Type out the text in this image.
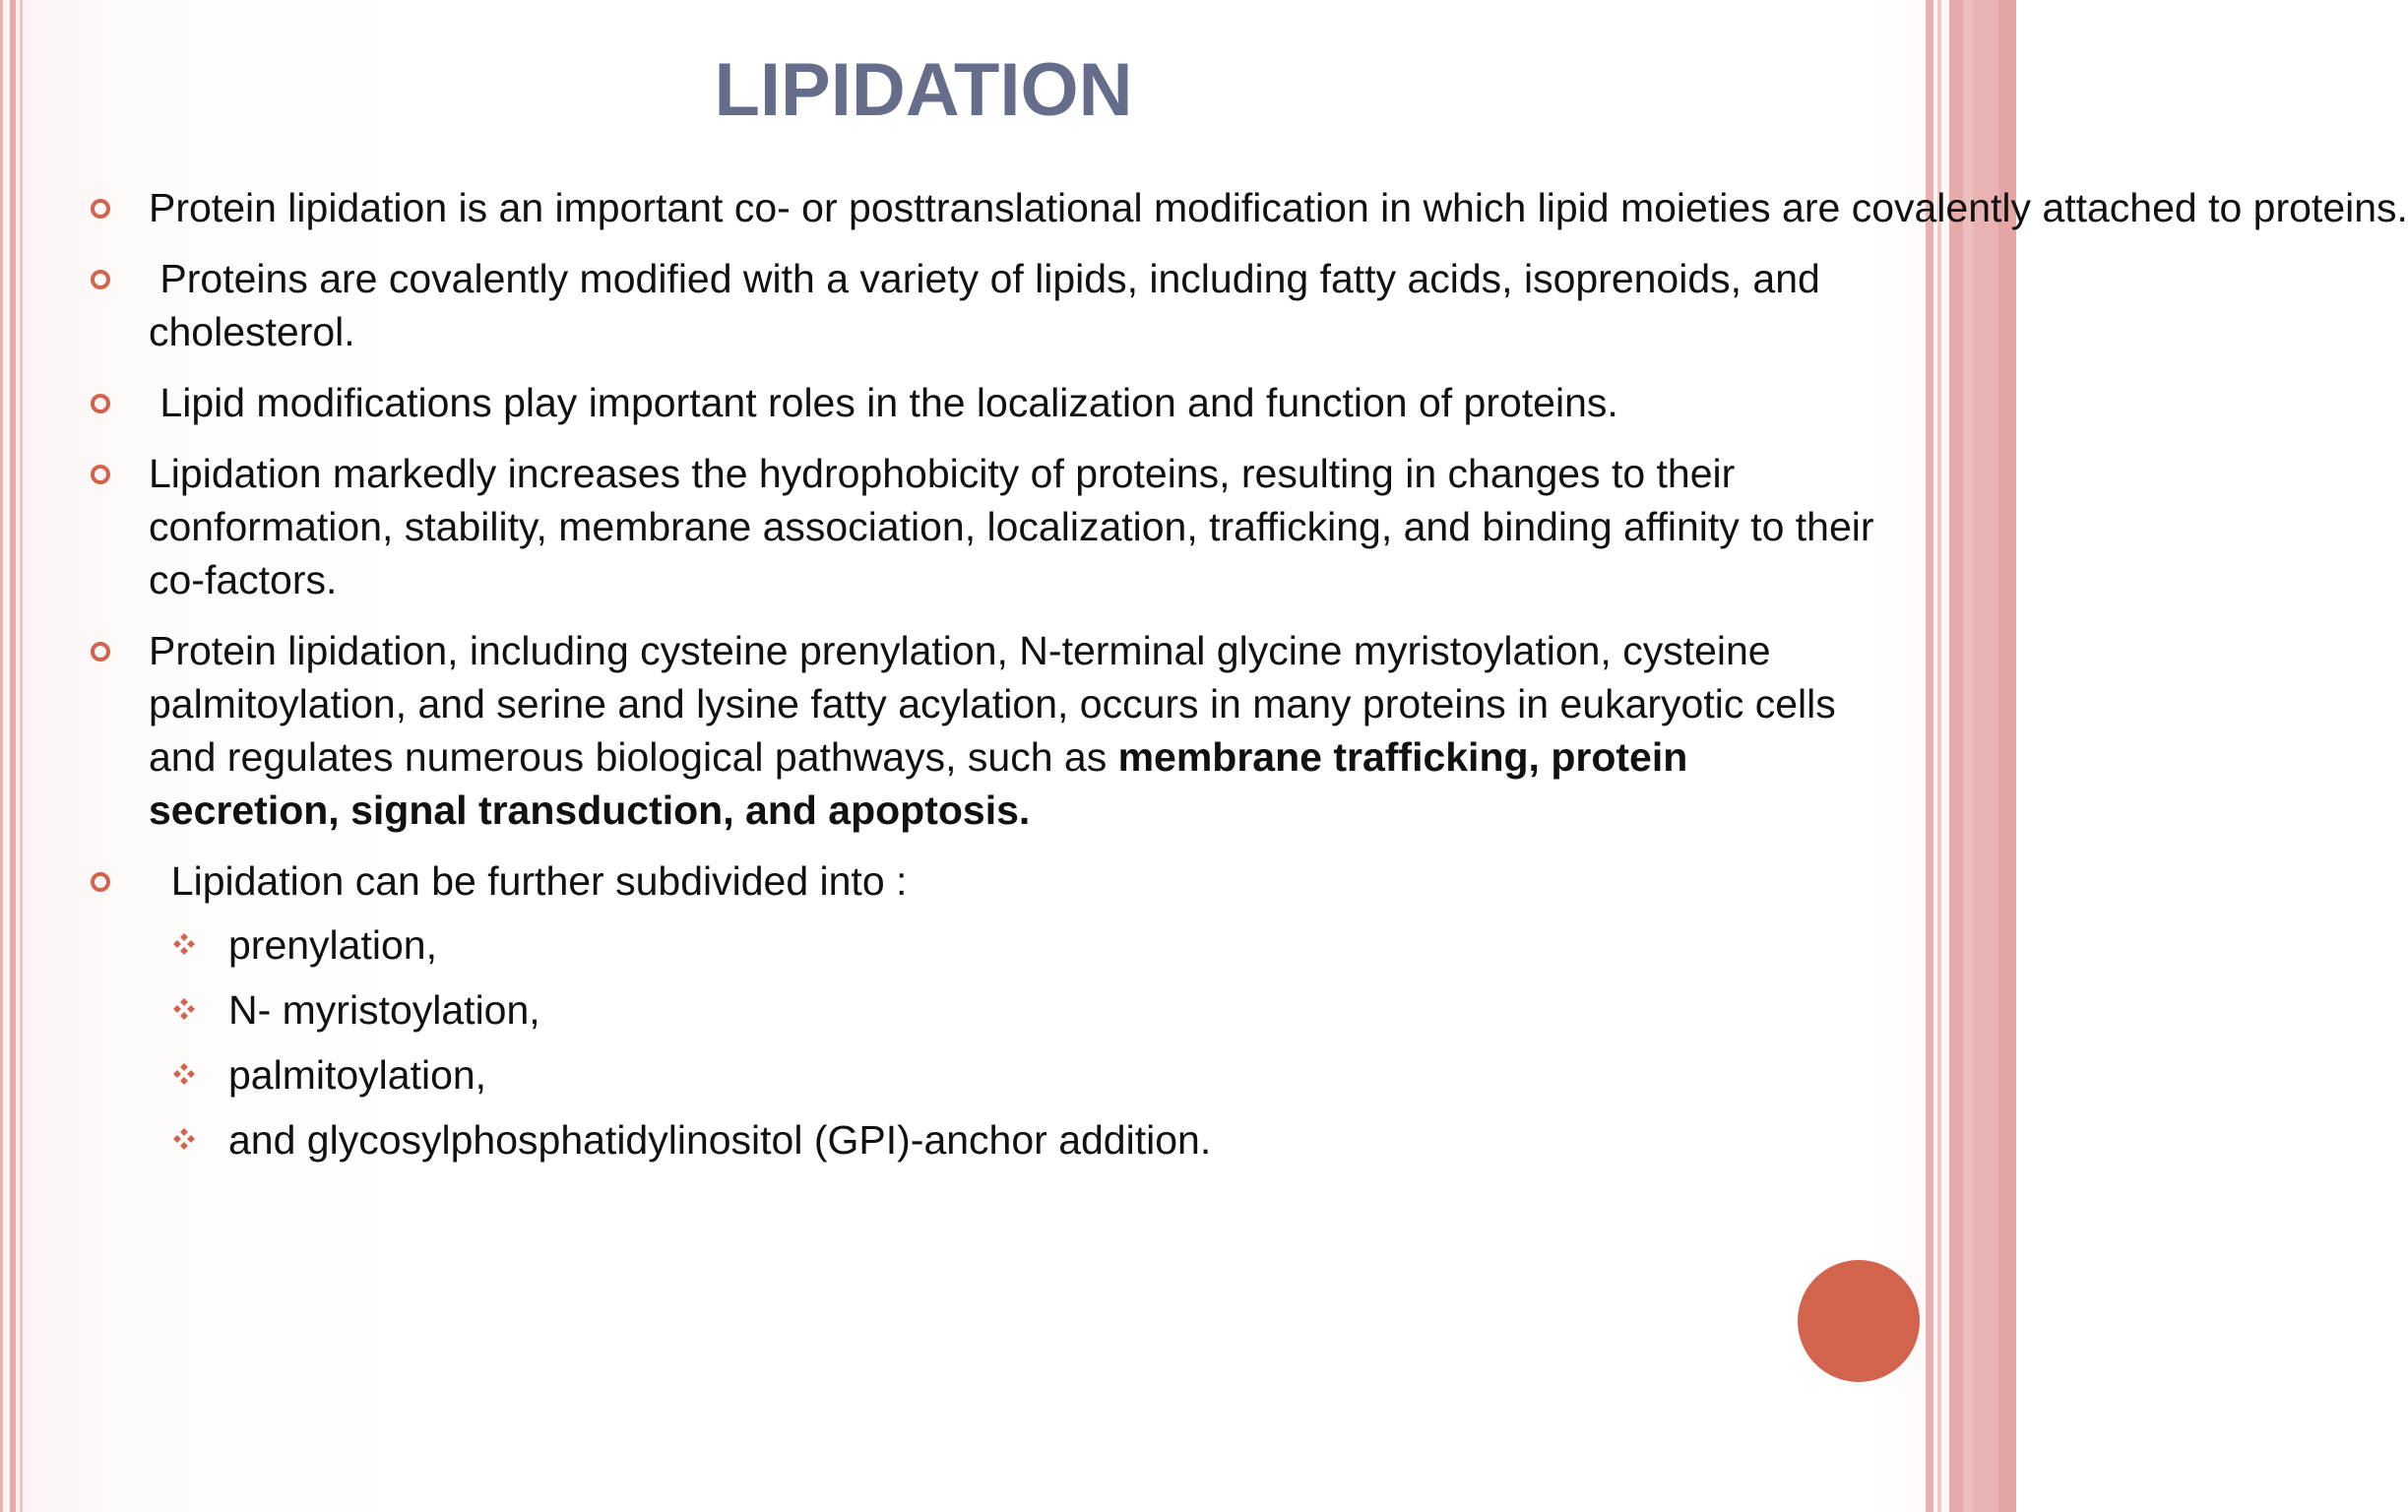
LIPIDATION
Protein lipidation is an important co- or posttranslational modification in which lipid moieties are covalently attached to proteins.
Proteins are covalently modified with a variety of lipids, including fatty acids, isoprenoids, and cholesterol.
Lipid modifications play important roles in the localization and function of proteins.
Lipidation markedly increases the hydrophobicity of proteins, resulting in changes to their conformation, stability, membrane association, localization, trafficking, and binding affinity to their co-factors.
Protein lipidation, including cysteine prenylation, N-terminal glycine myristoylation, cysteine palmitoylation, and serine and lysine fatty acylation, occurs in many proteins in eukaryotic cells and regulates numerous biological pathways, such as membrane trafficking, protein secretion, signal transduction, and apoptosis.
Lipidation can be further subdivided into :
prenylation,
N- myristoylation,
palmitoylation,
and glycosylphosphatidylinositol (GPI)-anchor addition.
